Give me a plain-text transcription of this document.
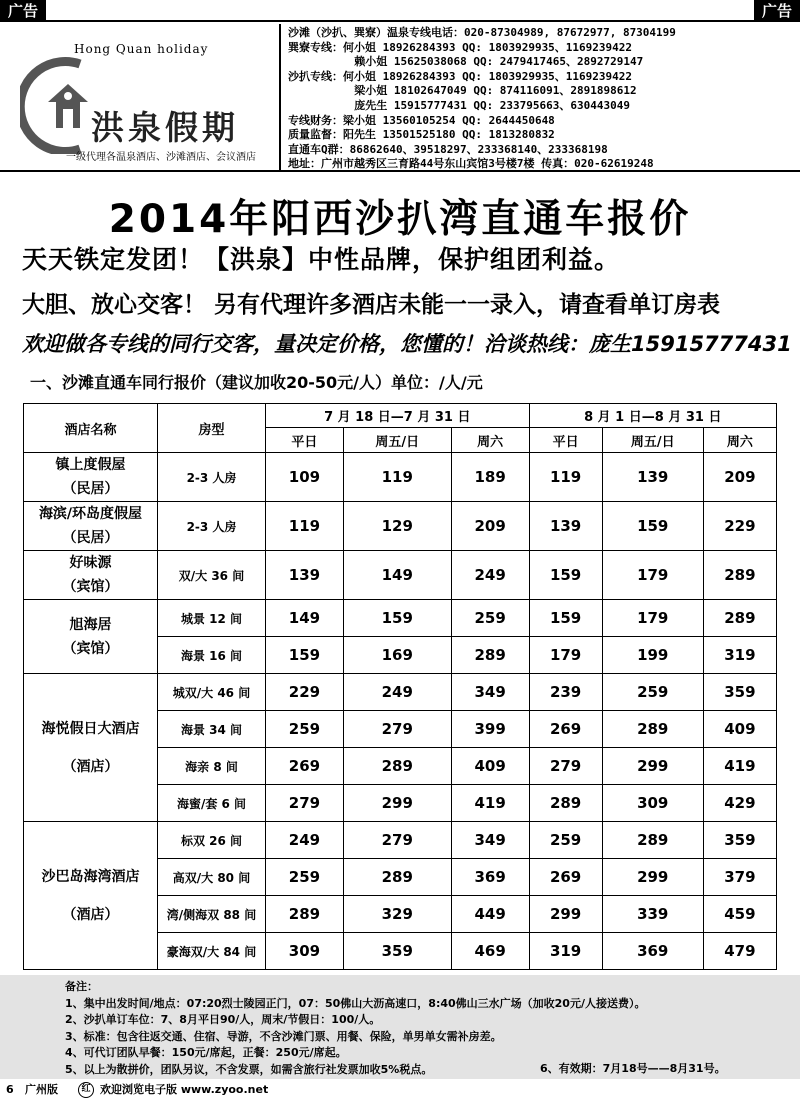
广告	广告
Hong Quan holiday
洪泉假期
一级代理各温泉酒店、沙滩酒店、会议酒店
沙滩（沙扒、巽寮）温泉专线电话：020-87304989, 87672977, 87304199
巽寮专线：何小姐 18926284393 QQ: 1803929935、1169239422
赖小姐 15625038068 QQ: 2479417465、2892729147
沙扒专线：何小姐 18926284393 QQ: 1803929935、1169239422
梁小姐 18102647049 QQ: 874116091、2891898612
庞先生 15915777431 QQ: 233795663、630443049
专线财务：梁小姐 13560105254 QQ: 2644450648
质量监督：阳先生 13501525180 QQ: 1813280832
直通车Q群：86862640、39518297、233368140、233368198
地址：广州市越秀区三育路44号东山宾馆3号楼7楼 传真：020-62619248
2014年阳西沙扒湾直通车报价
天天铁定发团！【洪泉】中性品牌，保护组团利益。
大胆、放心交客！ 另有代理许多酒店未能一一录入，请查看单订房表
欢迎做各专线的同行交客，量决定价格，您懂的！洽谈热线：庞生15915777431
一、沙滩直通车同行报价（建议加收20-50元/人）单位：/人/元
酒店名称	房型	7 月 18 日—7 月 31 日			8 月 1 日—8 月 31 日		
		平日	周五/日	周六	平日	周五/日	周六

镇上度假屋
（民居）	2-3 人房	109	119	189	119	139	209

海滨/环岛度假屋
（民居）	2-3 人房	119	129	209	139	159	229

好味源
（宾馆）	双/大 36 间	139	149	249	159	179	289

旭海居
（宾馆）	城景 12 间	149	159	259	159	179	289
	海景 16 间	159	169	289	179	199	319

海悦假日大酒店
（酒店）	城双/大 46 间	229	249	349	239	259	359
	海景 34 间	259	279	399	269	289	409
	海亲 8 间	269	289	409	279	299	419
	海蜜/套 6 间	279	299	419	289	309	429

沙巴岛海湾酒店
（酒店）	标双 26 间	249	279	349	259	289	359
	高双/大 80 间	259	289	369	269	299	379
	湾/侧海双 88 间	289	329	449	299	339	459
	豪海双/大 84 间	309	359	469	319	369	479
备注：
1、集中出发时间/地点：07:20烈士陵园正门，07：50佛山大沥高速口，8:40佛山三水广场（加收20元/人接送费）。
2、沙扒单订车位：7、8月平日90/人，周末/节假日：100/人。
3、标准：包含往返交通、住宿、导游，不含沙滩门票、用餐、保险，单男单女需补房差。
4、可代订团队早餐：150元/席起，正餐：250元/席起。
5、以上为散拼价，团队另议，不含发票，如需含旅行社发票加收5%税点。	6、有效期：7月18号——8月31号。
6 广州版	红 欢迎浏览电子版 www.zyoo.net
